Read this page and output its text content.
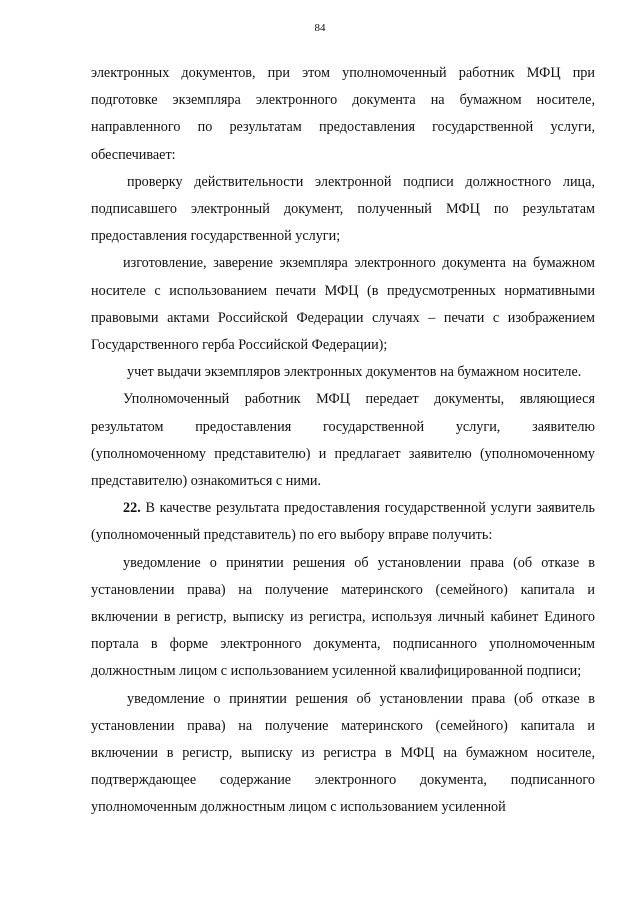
84

электронных документов, при этом уполномоченный работник МФЦ при подготовке экземпляра электронного документа на бумажном носителе, направленного по результатам предоставления государственной услуги, обеспечивает:

проверку действительности электронной подписи должностного лица, подписавшего электронный документ, полученный МФЦ по результатам предоставления государственной услуги;

изготовление, заверение экземпляра электронного документа на бумажном носителе с использованием печати МФЦ (в предусмотренных нормативными правовыми актами Российской Федерации случаях – печати с изображением Государственного герба Российской Федерации);

учет выдачи экземпляров электронных документов на бумажном носителе.

Уполномоченный работник МФЦ передает документы, являющиеся результатом предоставления государственной услуги, заявителю (уполномоченному представителю) и предлагает заявителю (уполномоченному представителю) ознакомиться с ними.

22. В качестве результата предоставления государственной услуги заявитель (уполномоченный представитель) по его выбору вправе получить:

уведомление о принятии решения об установлении права (об отказе в установлении права) на получение материнского (семейного) капитала и включении в регистр, выписку из регистра, используя личный кабинет Единого портала в форме электронного документа, подписанного уполномоченным должностным лицом с использованием усиленной квалифицированной подписи;

уведомление о принятии решения об установлении права (об отказе в установлении права) на получение материнского (семейного) капитала и включении в регистр, выписку из регистра в МФЦ на бумажном носителе, подтверждающее содержание электронного документа, подписанного уполномоченным должностным лицом с использованием усиленной
